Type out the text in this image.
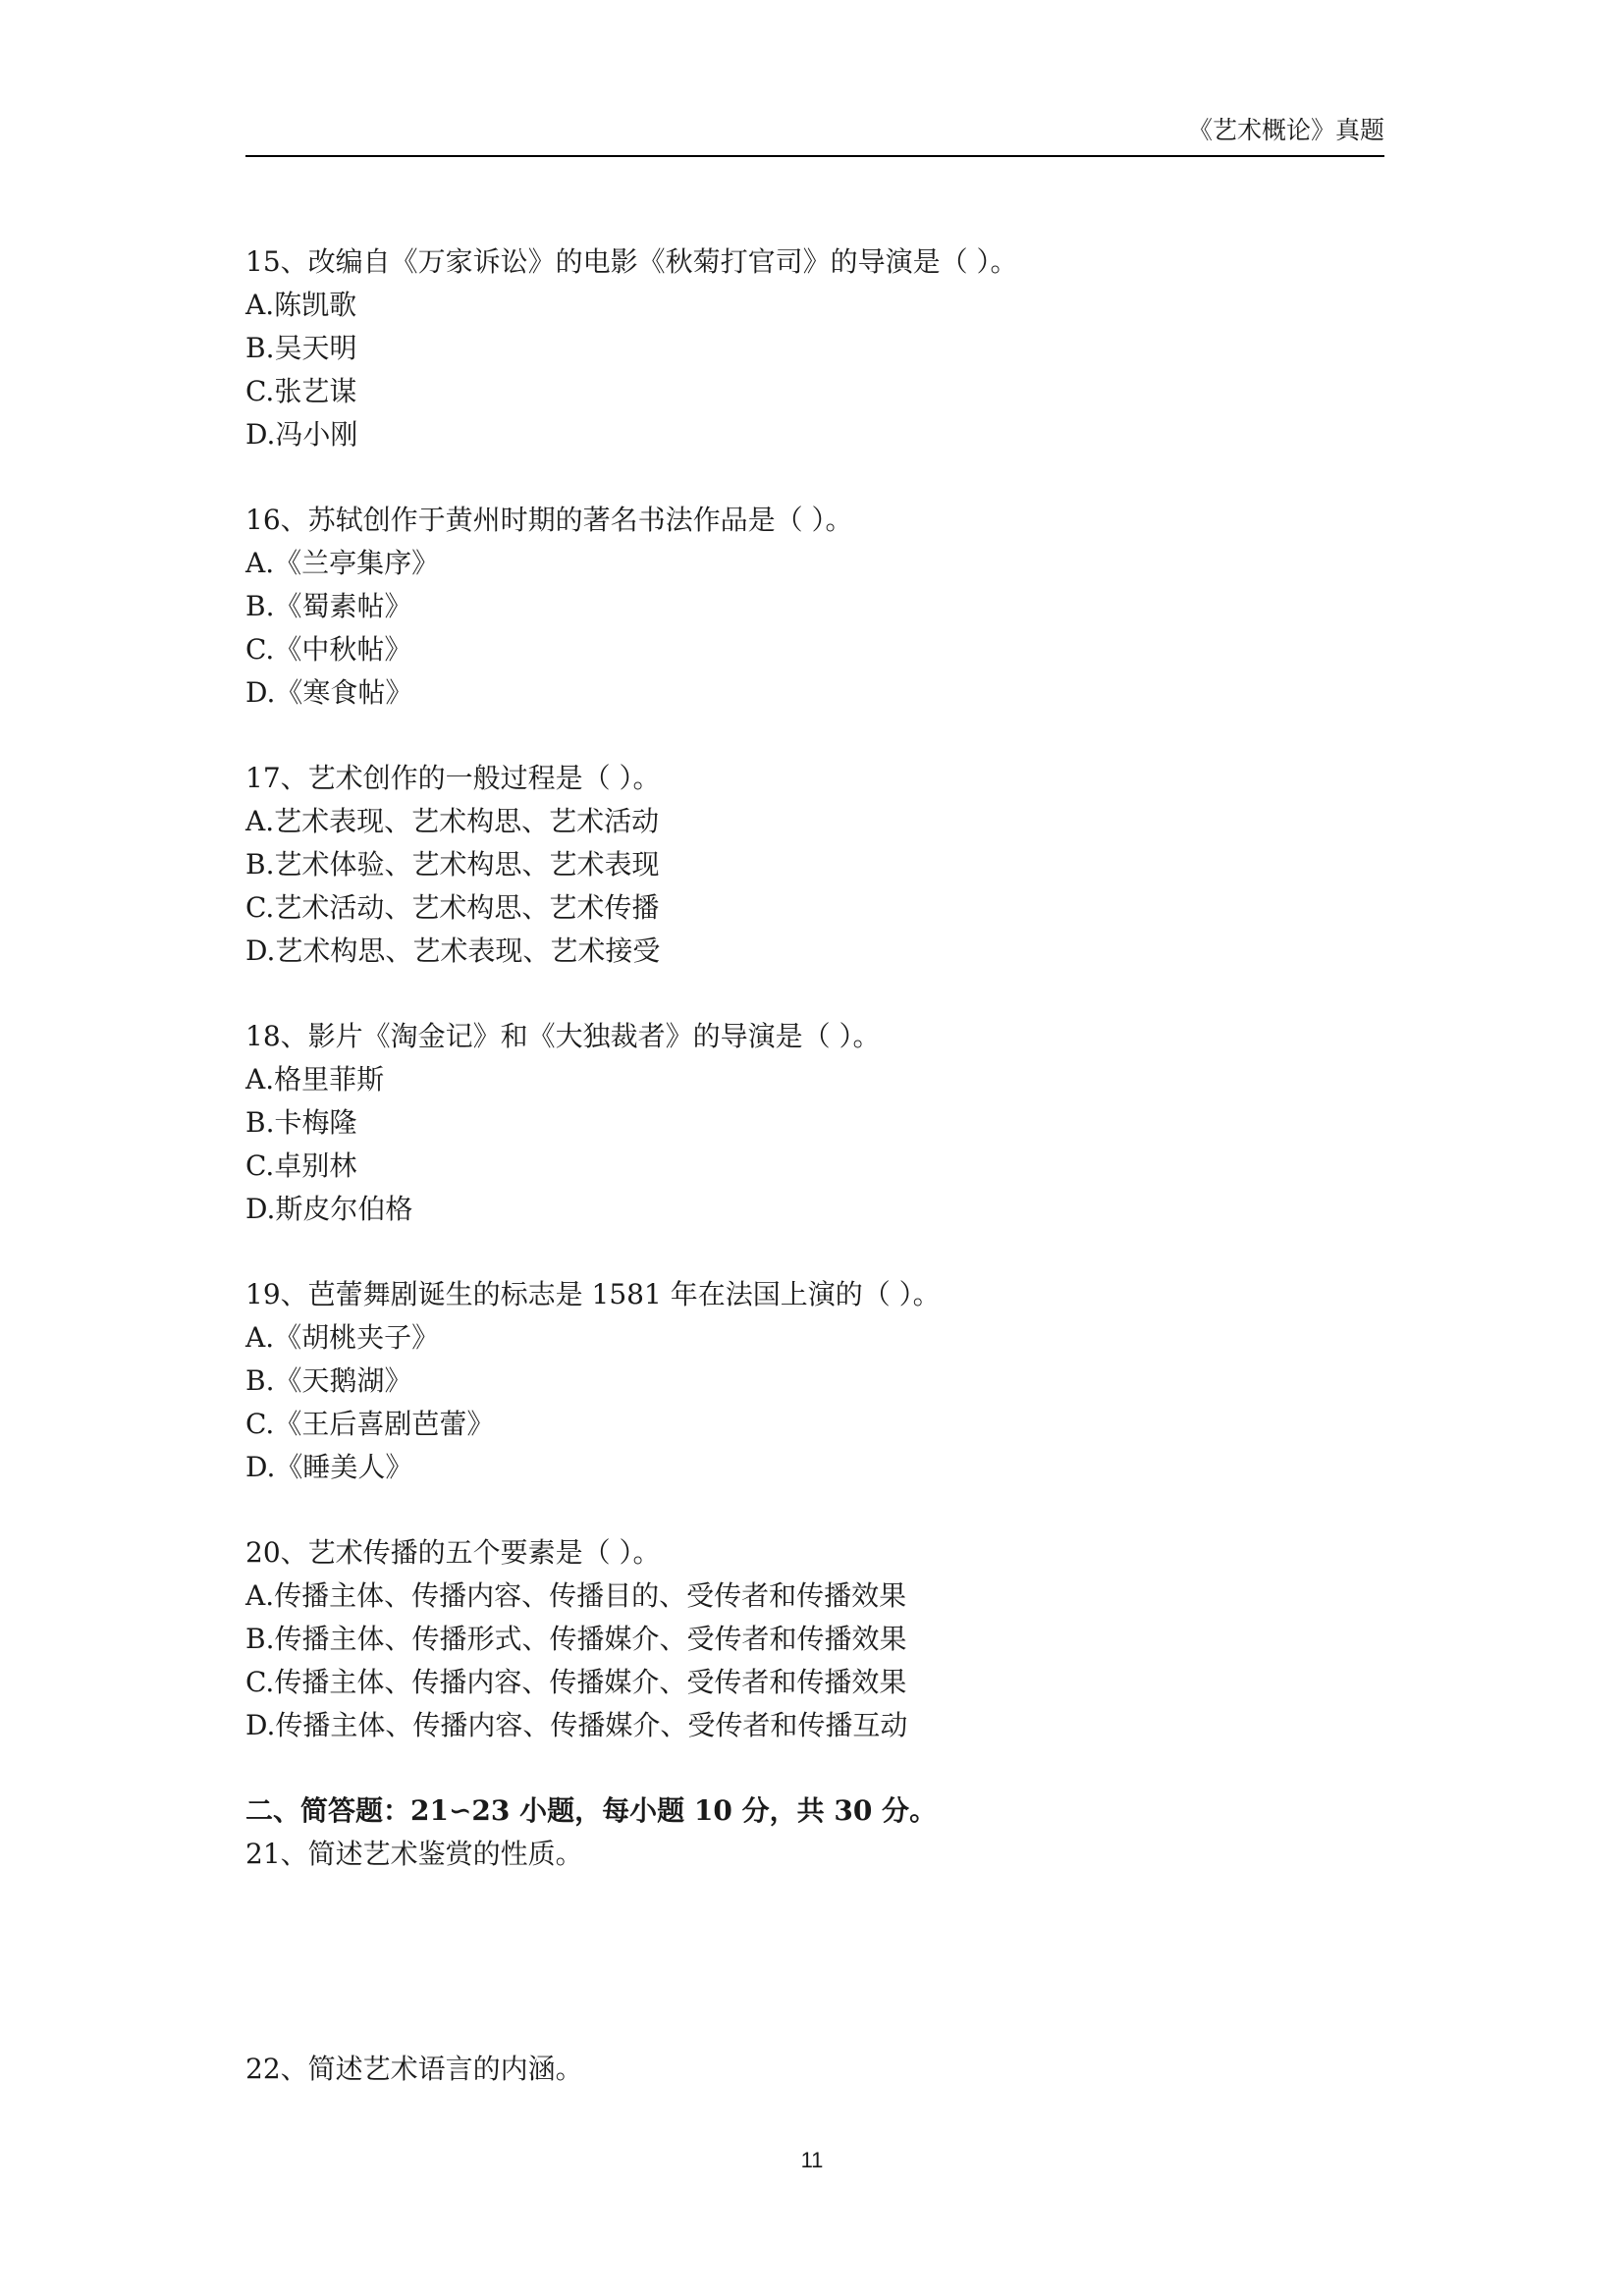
《艺术概论》真题
15、改编自《万家诉讼》的电影《秋菊打官司》的导演是（ ）。
A.陈凯歌
B.吴天明
C.张艺谋
D.冯小刚
16、苏轼创作于黄州时期的著名书法作品是（ ）。
A.《兰亭集序》
B.《蜀素帖》
C.《中秋帖》
D.《寒食帖》
17、艺术创作的一般过程是（ ）。
A.艺术表现、艺术构思、艺术活动
B.艺术体验、艺术构思、艺术表现
C.艺术活动、艺术构思、艺术传播
D.艺术构思、艺术表现、艺术接受
18、影片《淘金记》和《大独裁者》的导演是（ ）。
A.格里菲斯
B.卡梅隆
C.卓别林
D.斯皮尔伯格
19、芭蕾舞剧诞生的标志是 1581 年在法国上演的（ ）。
A.《胡桃夹子》
B.《天鹅湖》
C.《王后喜剧芭蕾》
D.《睡美人》
20、艺术传播的五个要素是（ ）。
A.传播主体、传播内容、传播目的、受传者和传播效果
B.传播主体、传播形式、传播媒介、受传者和传播效果
C.传播主体、传播内容、传播媒介、受传者和传播效果
D.传播主体、传播内容、传播媒介、受传者和传播互动
二、简答题：21∽23 小题，每小题 10 分，共 30 分。
21、简述艺术鉴赏的性质。
22、简述艺术语言的内涵。
11
